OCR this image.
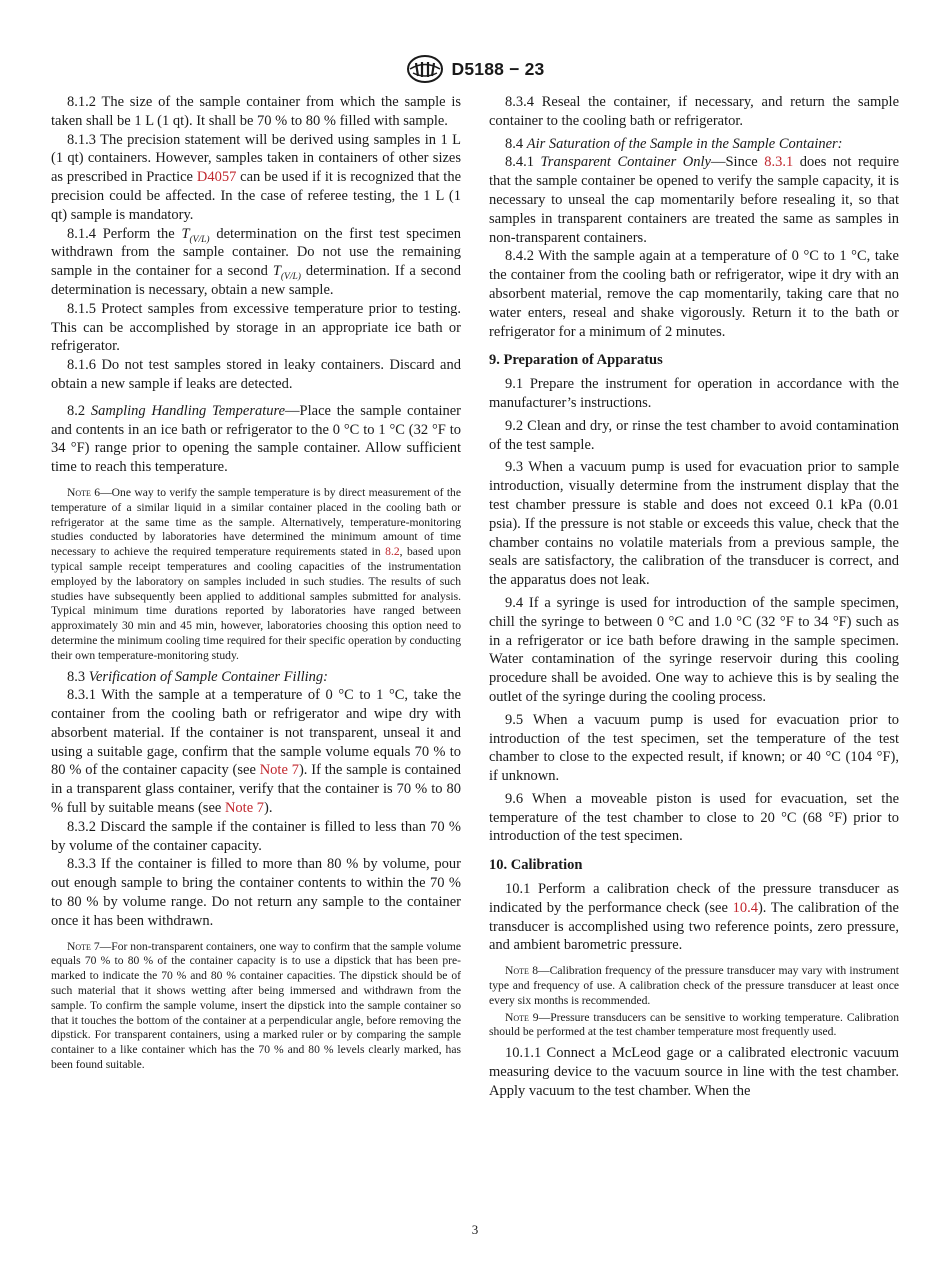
D5188 − 23

8.1.2 The size of the sample container from which the sample is taken shall be 1 L (1 qt). It shall be 70 % to 80 % filled with sample.

8.1.3 The precision statement will be derived using samples in 1 L (1 qt) containers. However, samples taken in containers of other sizes as prescribed in Practice D4057 can be used if it is recognized that the precision could be affected. In the case of referee testing, the 1 L (1 qt) sample is mandatory.

8.1.4 Perform the $T_{(V/L)}$ determination on the first test specimen withdrawn from the sample container. Do not use the remaining sample in the container for a second $T_{(V/L)}$ determination. If a second determination is necessary, obtain a new sample.

8.1.5 Protect samples from excessive temperature prior to testing. This can be accomplished by storage in an appropriate ice bath or refrigerator.

8.1.6 Do not test samples stored in leaky containers. Discard and obtain a new sample if leaks are detected.

8.2 Sampling Handling Temperature—Place the sample container and contents in an ice bath or refrigerator to the 0 °C to 1 °C (32 °F to 34 °F) range prior to opening the sample container. Allow sufficient time to reach this temperature.

Note 6—One way to verify the sample temperature is by direct measurement of the temperature of a similar liquid in a similar container placed in the cooling bath or refrigerator at the same time as the sample. Alternatively, temperature-monitoring studies conducted by laboratories have determined the minimum amount of time necessary to achieve the required temperature requirements stated in 8.2, based upon typical sample receipt temperatures and cooling capacities of the instrumentation employed by the laboratory on samples included in such studies. The results of such studies have subsequently been applied to additional samples submitted for analysis. Typical minimum time durations reported by laboratories have ranged between approximately 30 min and 45 min, however, laboratories choosing this option need to determine the minimum cooling time required for their specific operation by conducting their own temperature-monitoring study.

8.3 Verification of Sample Container Filling:

8.3.1 With the sample at a temperature of 0 °C to 1 °C, take the container from the cooling bath or refrigerator and wipe dry with absorbent material. If the container is not transparent, unseal it and using a suitable gage, confirm that the sample volume equals 70 % to 80 % of the container capacity (see Note 7). If the sample is contained in a transparent glass container, verify that the container is 70 % to 80 % full by suitable means (see Note 7).

8.3.2 Discard the sample if the container is filled to less than 70 % by volume of the container capacity.

8.3.3 If the container is filled to more than 80 % by volume, pour out enough sample to bring the container contents to within the 70 % to 80 % by volume range. Do not return any sample to the container once it has been withdrawn.

Note 7—For non-transparent containers, one way to confirm that the sample volume equals 70 % to 80 % of the container capacity is to use a dipstick that has been pre-marked to indicate the 70 % and 80 % container capacities. The dipstick should be of such material that it shows wetting after being immersed and withdrawn from the sample. To confirm the sample volume, insert the dipstick into the sample container so that it touches the bottom of the container at a perpendicular angle, before removing the dipstick. For transparent containers, using a marked ruler or by comparing the sample container to a like container which has the 70 % and 80 % levels clearly marked, has been found suitable.

8.3.4 Reseal the container, if necessary, and return the sample container to the cooling bath or refrigerator.

8.4 Air Saturation of the Sample in the Sample Container:

8.4.1 Transparent Container Only—Since 8.3.1 does not require that the sample container be opened to verify the sample capacity, it is necessary to unseal the cap momentarily before resealing it, so that samples in transparent containers are treated the same as samples in non-transparent containers.

8.4.2 With the sample again at a temperature of 0 °C to 1 °C, take the container from the cooling bath or refrigerator, wipe it dry with an absorbent material, remove the cap momentarily, taking care that no water enters, reseal and shake vigorously. Return it to the bath or refrigerator for a minimum of 2 minutes.

9. Preparation of Apparatus

9.1 Prepare the instrument for operation in accordance with the manufacturer’s instructions.

9.2 Clean and dry, or rinse the test chamber to avoid contamination of the test sample.

9.3 When a vacuum pump is used for evacuation prior to sample introduction, visually determine from the instrument display that the test chamber pressure is stable and does not exceed 0.1 kPa (0.01 psia). If the pressure is not stable or exceeds this value, check that the chamber contains no volatile materials from a previous sample, the seals are satisfactory, the calibration of the transducer is correct, and the apparatus does not leak.

9.4 If a syringe is used for introduction of the sample specimen, chill the syringe to between 0 °C and 1.0 °C (32 °F to 34 °F) such as in a refrigerator or ice bath before drawing in the sample specimen. Water contamination of the syringe reservoir during this cooling procedure shall be avoided. One way to achieve this is by sealing the outlet of the syringe during the cooling process.

9.5 When a vacuum pump is used for evacuation prior to introduction of the test specimen, set the temperature of the test chamber to close to the expected result, if known; or 40 °C (104 °F), if unknown.

9.6 When a moveable piston is used for evacuation, set the temperature of the test chamber to close to 20 °C (68 °F) prior to introduction of the test specimen.

10. Calibration

10.1 Perform a calibration check of the pressure transducer as indicated by the performance check (see 10.4). The calibration of the transducer is accomplished using two reference points, zero pressure, and ambient barometric pressure.

Note 8—Calibration frequency of the pressure transducer may vary with instrument type and frequency of use. A calibration check of the pressure transducer at least once every six months is recommended.

Note 9—Pressure transducers can be sensitive to working temperature. Calibration should be performed at the test chamber temperature most frequently used.

10.1.1 Connect a McLeod gage or a calibrated electronic vacuum measuring device to the vacuum source in line with the test chamber. Apply vacuum to the test chamber. When the

3
